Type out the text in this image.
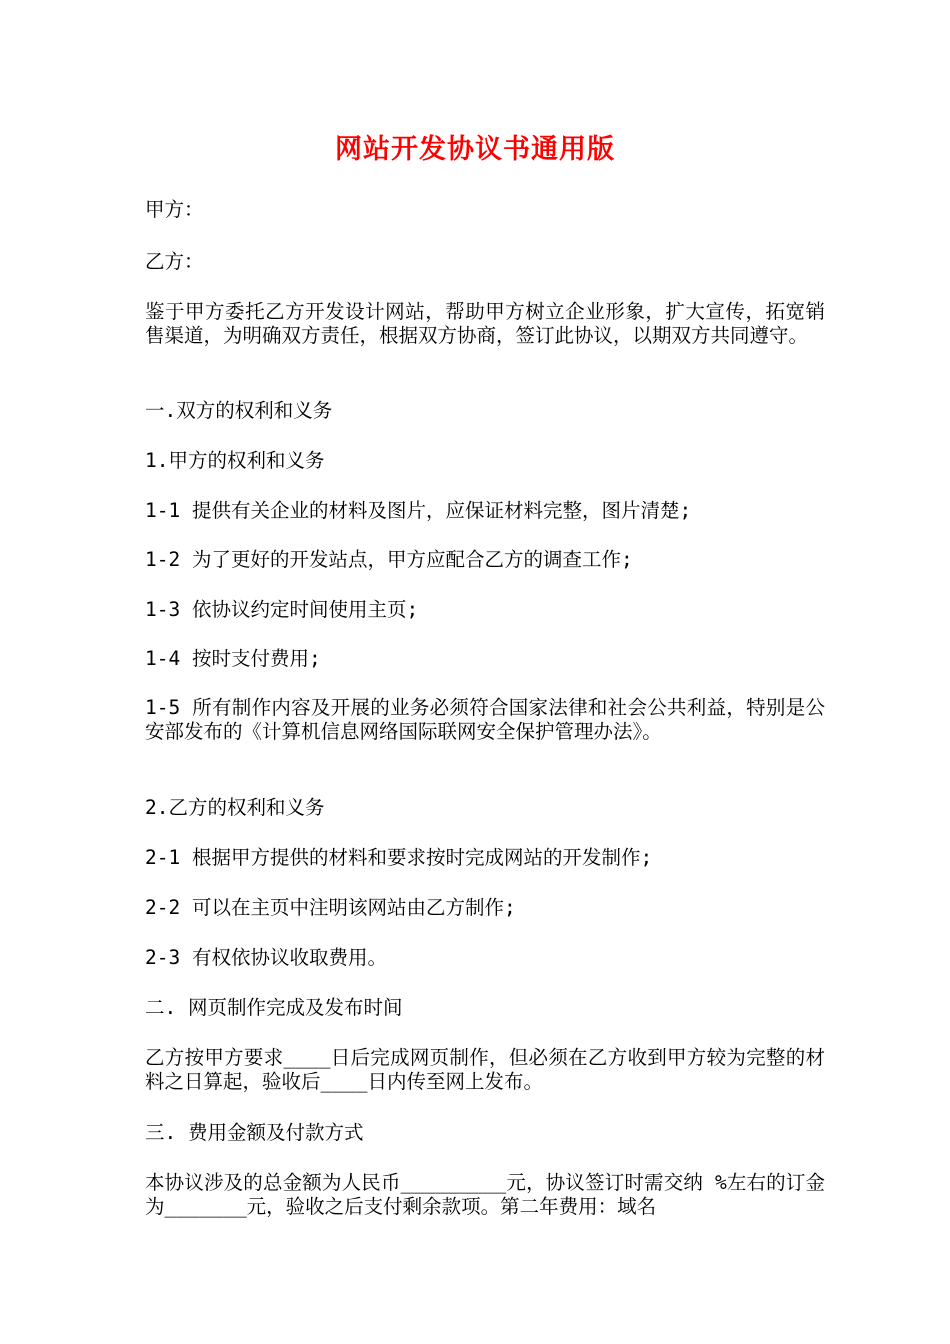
网站开发协议书通用版

甲方：

乙方：

鉴于甲方委托乙方开发设计网站，帮助甲方树立企业形象，扩大宣传，拓宽销售渠道，为明确双方责任，根据双方协商，签订此协议，以期双方共同遵守。

一.双方的权利和义务

1.甲方的权利和义务

1-1 提供有关企业的材料及图片，应保证材料完整，图片清楚;

1-2 为了更好的开发站点，甲方应配合乙方的调查工作;

1-3 依协议约定时间使用主页;

1-4 按时支付费用;

1-5 所有制作内容及开展的业务必须符合国家法律和社会公共利益，特别是公安部发布的《计算机信息网络国际联网安全保护管理办法》。

2.乙方的权利和义务

2-1 根据甲方提供的材料和要求按时完成网站的开发制作;

2-2 可以在主页中注明该网站由乙方制作;

2-3 有权依协议收取费用。

二. 网页制作完成及发布时间

乙方按甲方要求____日后完成网页制作，但必须在乙方收到甲方较为完整的材料之日算起，验收后____日内传至网上发布。

三. 费用金额及付款方式

本协议涉及的总金额为人民币_________元，协议签订时需交纳 %左右的订金为_______元，验收之后支付剩余款项。第二年费用：域名
